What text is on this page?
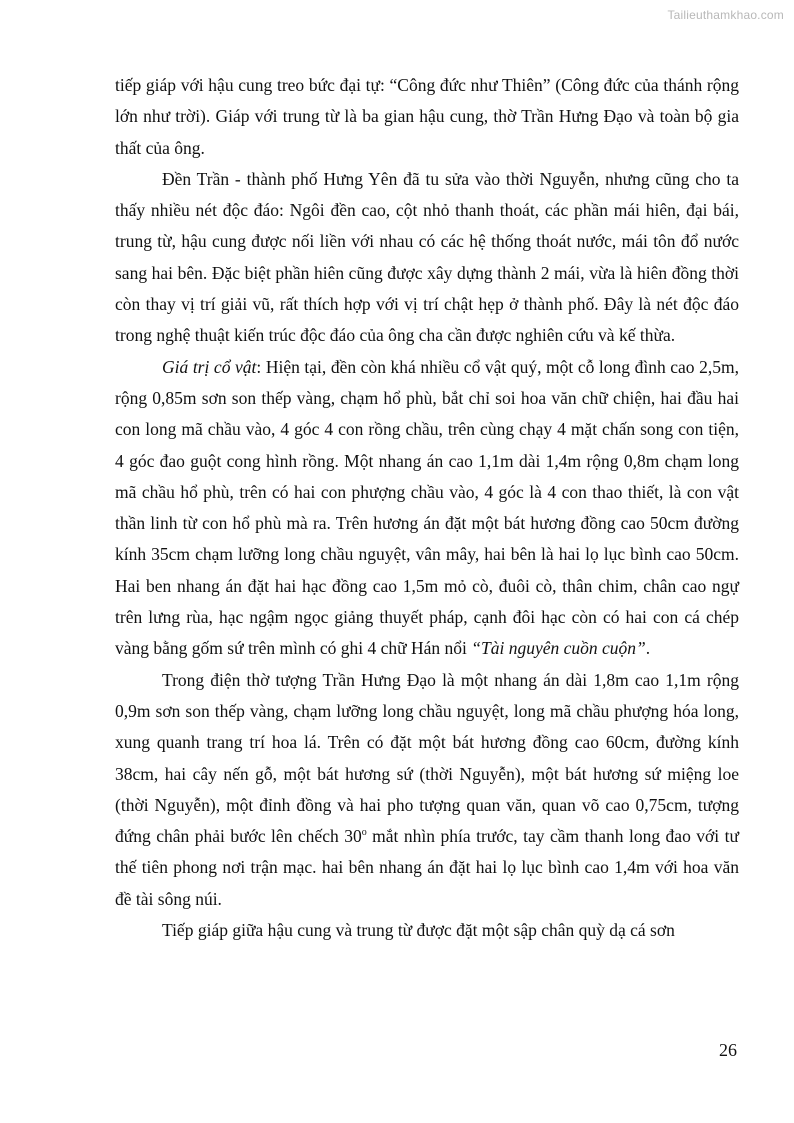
Tailieuthamkhao.com

tiếp giáp với hậu cung treo bức đại tự: “Công đức như Thiên” (Công đức của thánh rộng lớn như trời). Giáp với trung từ là ba gian hậu cung, thờ Trần Hưng Đạo và toàn bộ gia thất của ông.

Đền Trần - thành phố Hưng Yên đã tu sửa vào thời Nguyễn, nhưng cũng cho ta thấy nhiều nét độc đáo: Ngôi đền cao, cột nhỏ thanh thoát, các phần mái hiên, đại bái, trung từ, hậu cung được nối liền với nhau có các hệ thống thoát nước, mái tôn đổ nước sang hai bên. Đặc biệt phần hiên cũng được xây dựng thành 2 mái, vừa là hiên đồng thời còn thay vị trí giải vũ, rất thích hợp với vị trí chật hẹp ở thành phố. Đây là nét độc đáo trong nghệ thuật kiến trúc độc đáo của ông cha cần được nghiên cứu và kế thừa.

Giá trị cổ vật: Hiện tại, đền còn khá nhiều cổ vật quý, một cỗ long đình cao 2,5m, rộng 0,85m sơn son thếp vàng, chạm hổ phù, bắt chỉ soi hoa văn chữ chiện, hai đầu hai con long mã chầu vào, 4 góc 4 con rồng chầu, trên cùng chạy 4 mặt chấn song con tiện, 4 góc đao guột cong hình rồng. Một nhang án cao 1,1m dài 1,4m rộng 0,8m chạm long mã chầu hổ phù, trên có hai con phượng chầu vào, 4 góc là 4 con thao thiết, là con vật thần linh từ con hổ phù mà ra. Trên hương án đặt một bát hương đồng cao 50cm đường kính 35cm chạm lưỡng long chầu nguyệt, vân mây, hai bên là hai lọ lục bình cao 50cm. Hai ben nhang án đặt hai hạc đồng cao 1,5m mỏ cò, đuôi cò, thân chim, chân cao ngự trên lưng rùa, hạc ngậm ngọc giảng thuyết pháp, cạnh đôi hạc còn có hai con cá chép vàng bằng gốm sứ trên mình có ghi 4 chữ Hán nổi “Tài nguyên cuồn cuộn”.

Trong điện thờ tượng Trần Hưng Đạo là một nhang án dài 1,8m cao 1,1m rộng 0,9m sơn son thếp vàng, chạm lưỡng long chầu nguyệt, long mã chầu phượng hóa long, xung quanh trang trí hoa lá. Trên có đặt một bát hương đồng cao 60cm, đường kính 38cm, hai cây nến gỗ, một bát hương sứ (thời Nguyễn), một bát hương sứ miệng loe (thời Nguyễn), một đỉnh đồng và hai pho tượng quan văn, quan võ cao 0,75cm, tượng đứng chân phải bước lên chếch 30$^o$ mắt nhìn phía trước, tay cầm thanh long đao với tư thế tiên phong nơi trận mạc. hai bên nhang án đặt hai lọ lục bình cao 1,4m với hoa văn đề tài sông núi.

Tiếp giáp giữa hậu cung và trung từ được đặt một sập chân quỳ dạ cá sơn

26
